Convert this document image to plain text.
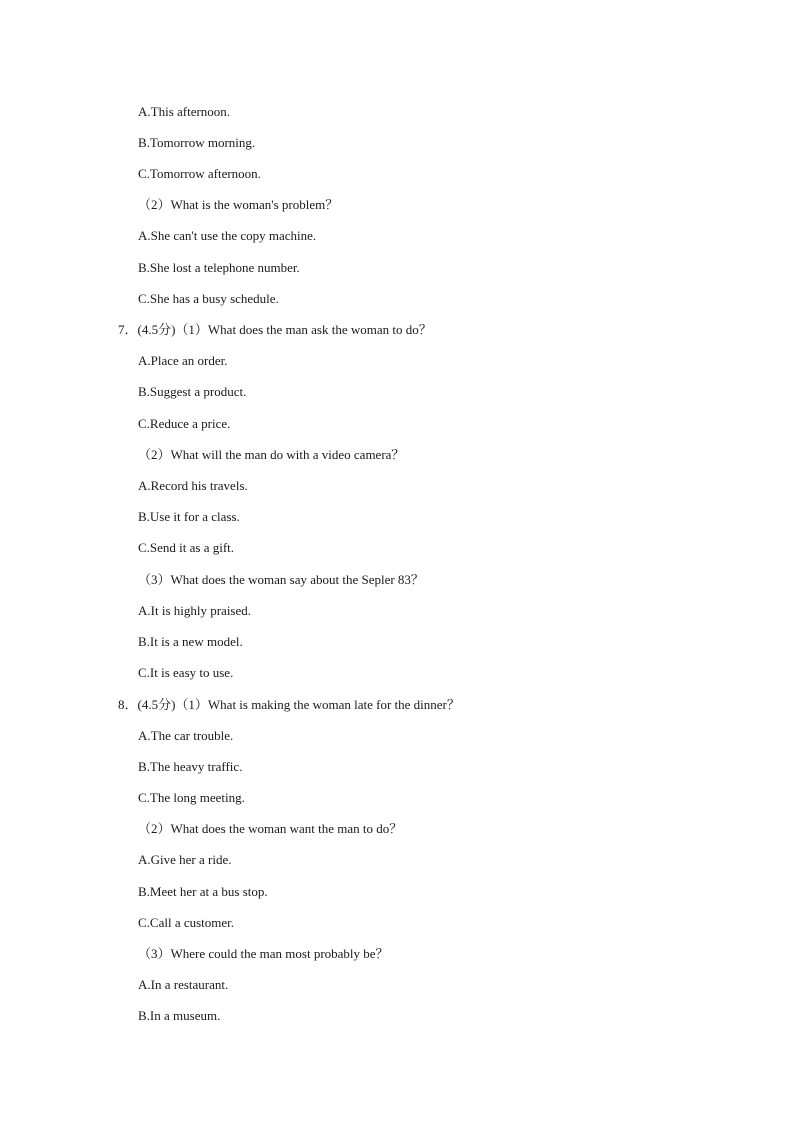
A.This afternoon.
B.Tomorrow morning.
C.Tomorrow afternoon.
（2）What is the woman's problem？
A.She can't use the copy machine.
B.She lost a telephone number.
C.She has a busy schedule.
7．(4.5分)（1）What does the man ask the woman to do？
A.Place an order.
B.Suggest a product.
C.Reduce a price.
（2）What will the man do with a video camera？
A.Record his travels.
B.Use it for a class.
C.Send it as a gift.
（3）What does the woman say about the Sepler 83？
A.It is highly praised.
B.It is a new model.
C.It is easy to use.
8．(4.5分)（1）What is making the woman late for the dinner？
A.The car trouble.
B.The heavy traffic.
C.The long meeting.
（2）What does the woman want the man to do？
A.Give her a ride.
B.Meet her at a bus stop.
C.Call a customer.
（3）Where could the man most probably be？
A.In a restaurant.
B.In a museum.
